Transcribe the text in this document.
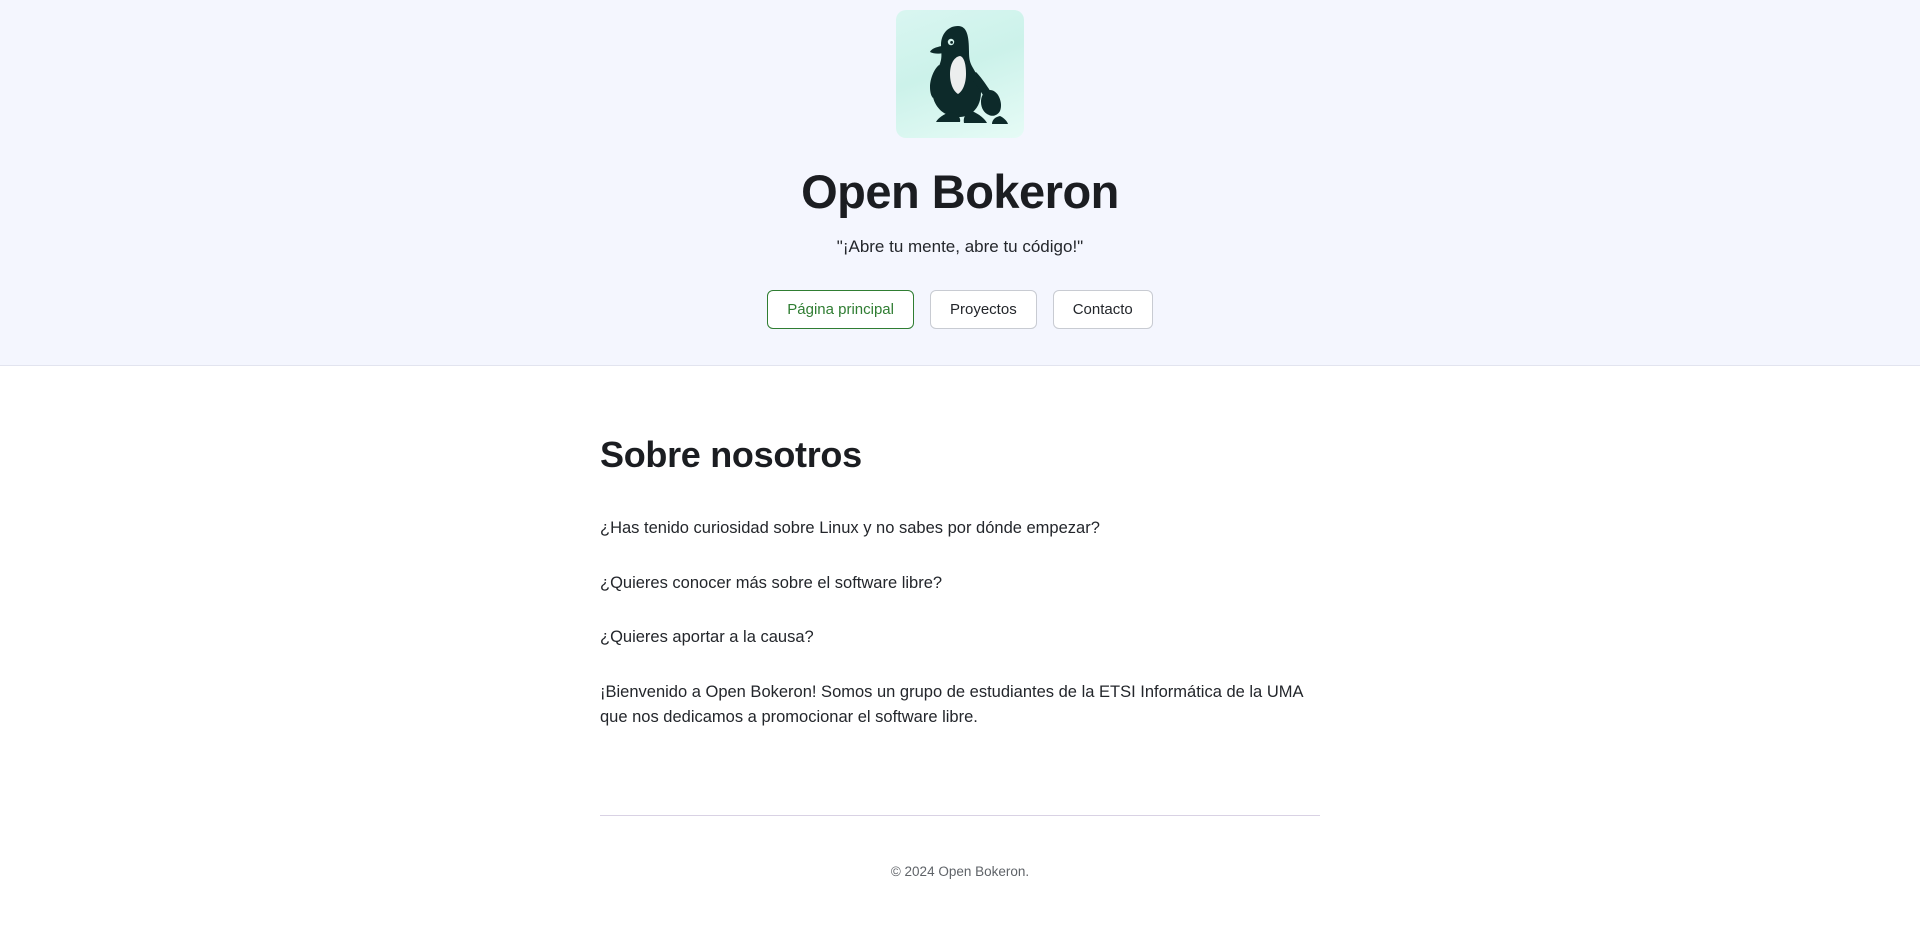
Open Bokeron

"¡Abre tu mente, abre tu código!"

Página principal	Proyectos	Contacto
Sobre nosotros

¿Has tenido curiosidad sobre Linux y no sabes por dónde empezar?

¿Quieres conocer más sobre el software libre?

¿Quieres aportar a la causa?

¡Bienvenido a Open Bokeron! Somos un grupo de estudiantes de la ETSI Informática de la UMA que nos dedicamos a promocionar el software libre.

© 2024 Open Bokeron.
